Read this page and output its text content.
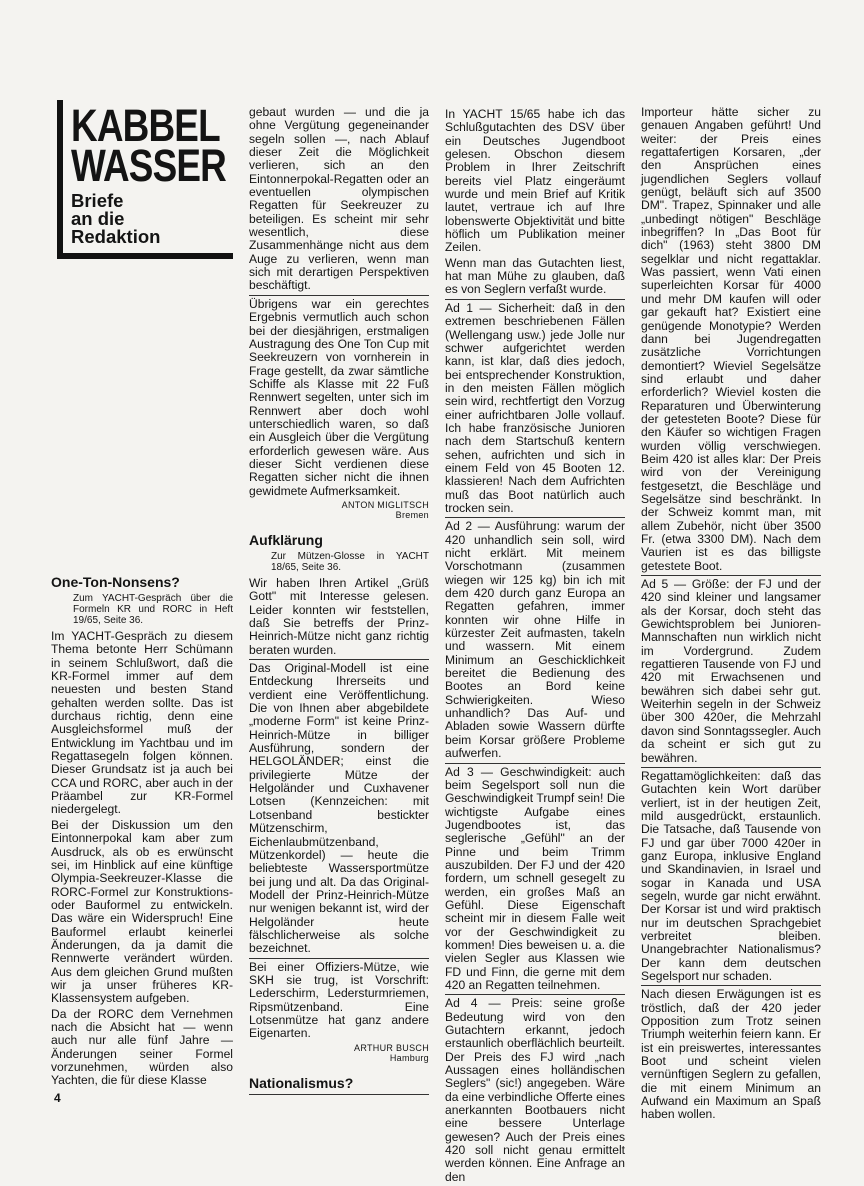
KABBEL
WASSER
Briefe
an die
Redaktion
One-Ton-Nonsens?
Zum YACHT-Gespräch über die Formeln KR und RORC in Heft 19/65, Seite 36.

Im YACHT-Gespräch zu diesem Thema betonte Herr Schümann in seinem Schlußwort, daß die KR-Formel immer auf dem neuesten und besten Stand gehalten werden sollte. Das ist durchaus richtig, denn eine Ausgleichsformel muß der Entwicklung im Yachtbau und im Regattasegeln folgen können. Dieser Grundsatz ist ja auch bei CCA und RORC, aber auch in der Präambel zur KR-Formel niedergelegt.

Bei der Diskussion um den Eintonnerpokal kam aber zum Ausdruck, als ob es erwünscht sei, im Hinblick auf eine künftige Olympia-Seekreuzer-Klasse die RORC-Formel zur Konstruktions- oder Bauformel zu entwickeln. Das wäre ein Widerspruch! Eine Bauformel erlaubt keinerlei Änderungen, da ja damit die Rennwerte verändert würden. Aus dem gleichen Grund mußten wir ja unser früheres KR-Klassensystem aufgeben.

Da der RORC dem Vernehmen nach die Absicht hat — wenn auch nur alle fünf Jahre — Änderungen seiner Formel vorzunehmen, würden also Yachten, die für diese Klasse

gebaut wurden — und die ja ohne Vergütung gegeneinander segeln sollen —, nach Ablauf dieser Zeit die Möglichkeit verlieren, sich an den Eintonnerpokal-Regatten oder an eventuellen olympischen Regatten für Seekreuzer zu beteiligen. Es scheint mir sehr wesentlich, diese Zusammenhänge nicht aus dem Auge zu verlieren, wenn man sich mit derartigen Perspektiven beschäftigt.

Übrigens war ein gerechtes Ergebnis vermutlich auch schon bei der diesjährigen, erstmaligen Austragung des One Ton Cup mit Seekreuzern von vornherein in Frage gestellt, da zwar sämtliche Schiffe als Klasse mit 22 Fuß Rennwert segelten, unter sich im Rennwert aber doch wohl unterschiedlich waren, so daß ein Ausgleich über die Vergütung erforderlich gewesen wäre. Aus dieser Sicht verdienen diese Regatten sicher nicht die ihnen gewidmete Aufmerksamkeit.

ANTON MIGLITSCH
Bremen
Aufklärung
Zur Mützen-Glosse in YACHT 18/65, Seite 36.

Wir haben Ihren Artikel „Grüß Gott" mit Interesse gelesen. Leider konnten wir feststellen, daß Sie betreffs der Prinz-Heinrich-Mütze nicht ganz richtig beraten wurden.

Das Original-Modell ist eine Entdeckung Ihrerseits und verdient eine Veröffentlichung. Die von Ihnen aber abgebildete „moderne Form" ist keine Prinz-Heinrich-Mütze in billiger Ausführung, sondern der HELGOLÄNDER; einst die privilegierte Mütze der Helgoländer und Cuxhavener Lotsen (Kennzeichen: mit Lotsenband bestickter Mützenschirm, Eichenlaubmützenband, Mützenkordel) — heute die beliebteste Wassersportmütze bei jung und alt. Da das Original-Modell der Prinz-Heinrich-Mütze nur wenigen bekannt ist, wird der Helgoländer heute fälschlicherweise als solche bezeichnet.

Bei einer Offiziers-Mütze, wie SKH sie trug, ist Vorschrift: Lederschirm, Ledersturmriemen, Ripsmützenband. Eine Lotsenmütze hat ganz andere Eigenarten.

ARTHUR BUSCH
Hamburg
Nationalismus?

In YACHT 15/65 habe ich das Schlußgutachten des DSV über ein Deutsches Jugendboot gelesen. Obschon diesem Problem in Ihrer Zeitschrift bereits viel Platz eingeräumt wurde und mein Brief auf Kritik lautet, vertraue ich auf Ihre lobenswerte Objektivität und bitte höflich um Publikation meiner Zeilen.

Wenn man das Gutachten liest, hat man Mühe zu glauben, daß es von Seglern verfaßt wurde.

Ad 1 — Sicherheit: daß in den extremen beschriebenen Fällen (Wellengang usw.) jede Jolle nur schwer aufgerichtet werden kann, ist klar, daß dies jedoch, bei entsprechender Konstruktion, in den meisten Fällen möglich sein wird, rechtfertigt den Vorzug einer aufrichtbaren Jolle vollauf. Ich habe französische Junioren nach dem Startschuß kentern sehen, aufrichten und sich in einem Feld von 45 Booten 12. klassieren! Nach dem Aufrichten muß das Boot natürlich auch trocken sein.

Ad 2 — Ausführung: warum der 420 unhandlich sein soll, wird nicht erklärt. Mit meinem Vorschotmann (zusammen wiegen wir 125 kg) bin ich mit dem 420 durch ganz Europa an Regatten gefahren, immer konnten wir ohne Hilfe in kürzester Zeit aufmasten, takeln und wassern. Mit einem Minimum an Geschicklichkeit bereitet die Bedienung des Bootes an Bord keine Schwierigkeiten. Wieso unhandlich? Das Auf- und Abladen sowie Wassern dürfte beim Korsar größere Probleme aufwerfen.

Ad 3 — Geschwindigkeit: auch beim Segelsport soll nun die Geschwindigkeit Trumpf sein! Die wichtigste Aufgabe eines Jugendbootes ist, das seglerische „Gefühl" an der Pinne und beim Trimm auszubilden. Der FJ und der 420 fordern, um schnell gesegelt zu werden, ein großes Maß an Gefühl. Diese Eigenschaft scheint mir in diesem Falle weit vor der Geschwindigkeit zu kommen! Dies beweisen u. a. die vielen Segler aus Klassen wie FD und Finn, die gerne mit dem 420 an Regatten teilnehmen.

Ad 4 — Preis: seine große Bedeutung wird von den Gutachtern erkannt, jedoch erstaunlich oberflächlich beurteilt. Der Preis des FJ wird „nach Aussagen eines holländischen Seglers" (sic!) angegeben. Wäre da eine verbindliche Offerte eines anerkannten Bootbauers nicht eine bessere Unterlage gewesen? Auch der Preis eines 420 soll nicht genau ermittelt werden können. Eine Anfrage an den

Importeur hätte sicher zu genauen Angaben geführt! Und weiter: der Preis eines regattafertigen Korsaren, „der den Ansprüchen eines jugendlichen Seglers vollauf genügt, beläuft sich auf 3500 DM". Trapez, Spinnaker und alle „unbedingt nötigen" Beschläge inbegriffen? In „Das Boot für dich" (1963) steht 3800 DM segelklar und nicht regattaklar. Was passiert, wenn Vati einen superleichten Korsar für 4000 und mehr DM kaufen will oder gar gekauft hat? Existiert eine genügende Monotypie? Werden dann bei Jugendregatten zusätzliche Vorrichtungen demontiert? Wieviel Segelsätze sind erlaubt und daher erforderlich? Wieviel kosten die Reparaturen und Überwinterung der getesteten Boote? Diese für den Käufer so wichtigen Fragen wurden völlig verschwiegen. Beim 420 ist alles klar: Der Preis wird von der Vereinigung festgesetzt, die Beschläge und Segelsätze sind beschränkt. In der Schweiz kommt man, mit allem Zubehör, nicht über 3500 Fr. (etwa 3300 DM). Nach dem Vaurien ist es das billigste getestete Boot.

Ad 5 — Größe: der FJ und der 420 sind kleiner und langsamer als der Korsar, doch steht das Gewichtsproblem bei Junioren-Mannschaften nun wirklich nicht im Vordergrund. Zudem regattieren Tausende von FJ und 420 mit Erwachsenen und bewähren sich dabei sehr gut. Weiterhin segeln in der Schweiz über 300 420er, die Mehrzahl davon sind Sonntagssegler. Auch da scheint er sich gut zu bewähren.

Regattamöglichkeiten: daß das Gutachten kein Wort darüber verliert, ist in der heutigen Zeit, mild ausgedrückt, erstaunlich. Die Tatsache, daß Tausende von FJ und gar über 7000 420er in ganz Europa, inklusive England und Skandinavien, in Israel und sogar in Kanada und USA segeln, wurde gar nicht erwähnt. Der Korsar ist und wird praktisch nur im deutschen Sprachgebiet verbreitet bleiben. Unangebrachter Nationalismus? Der kann dem deutschen Segelsport nur schaden.

Nach diesen Erwägungen ist es tröstlich, daß der 420 jeder Opposition zum Trotz seinen Triumph weiterhin feiern kann. Er ist ein preiswertes, interessantes Boot und scheint vielen vernünftigen Seglern zu gefallen, die mit einem Minimum an Aufwand ein Maximum an Spaß haben wollen.

4
